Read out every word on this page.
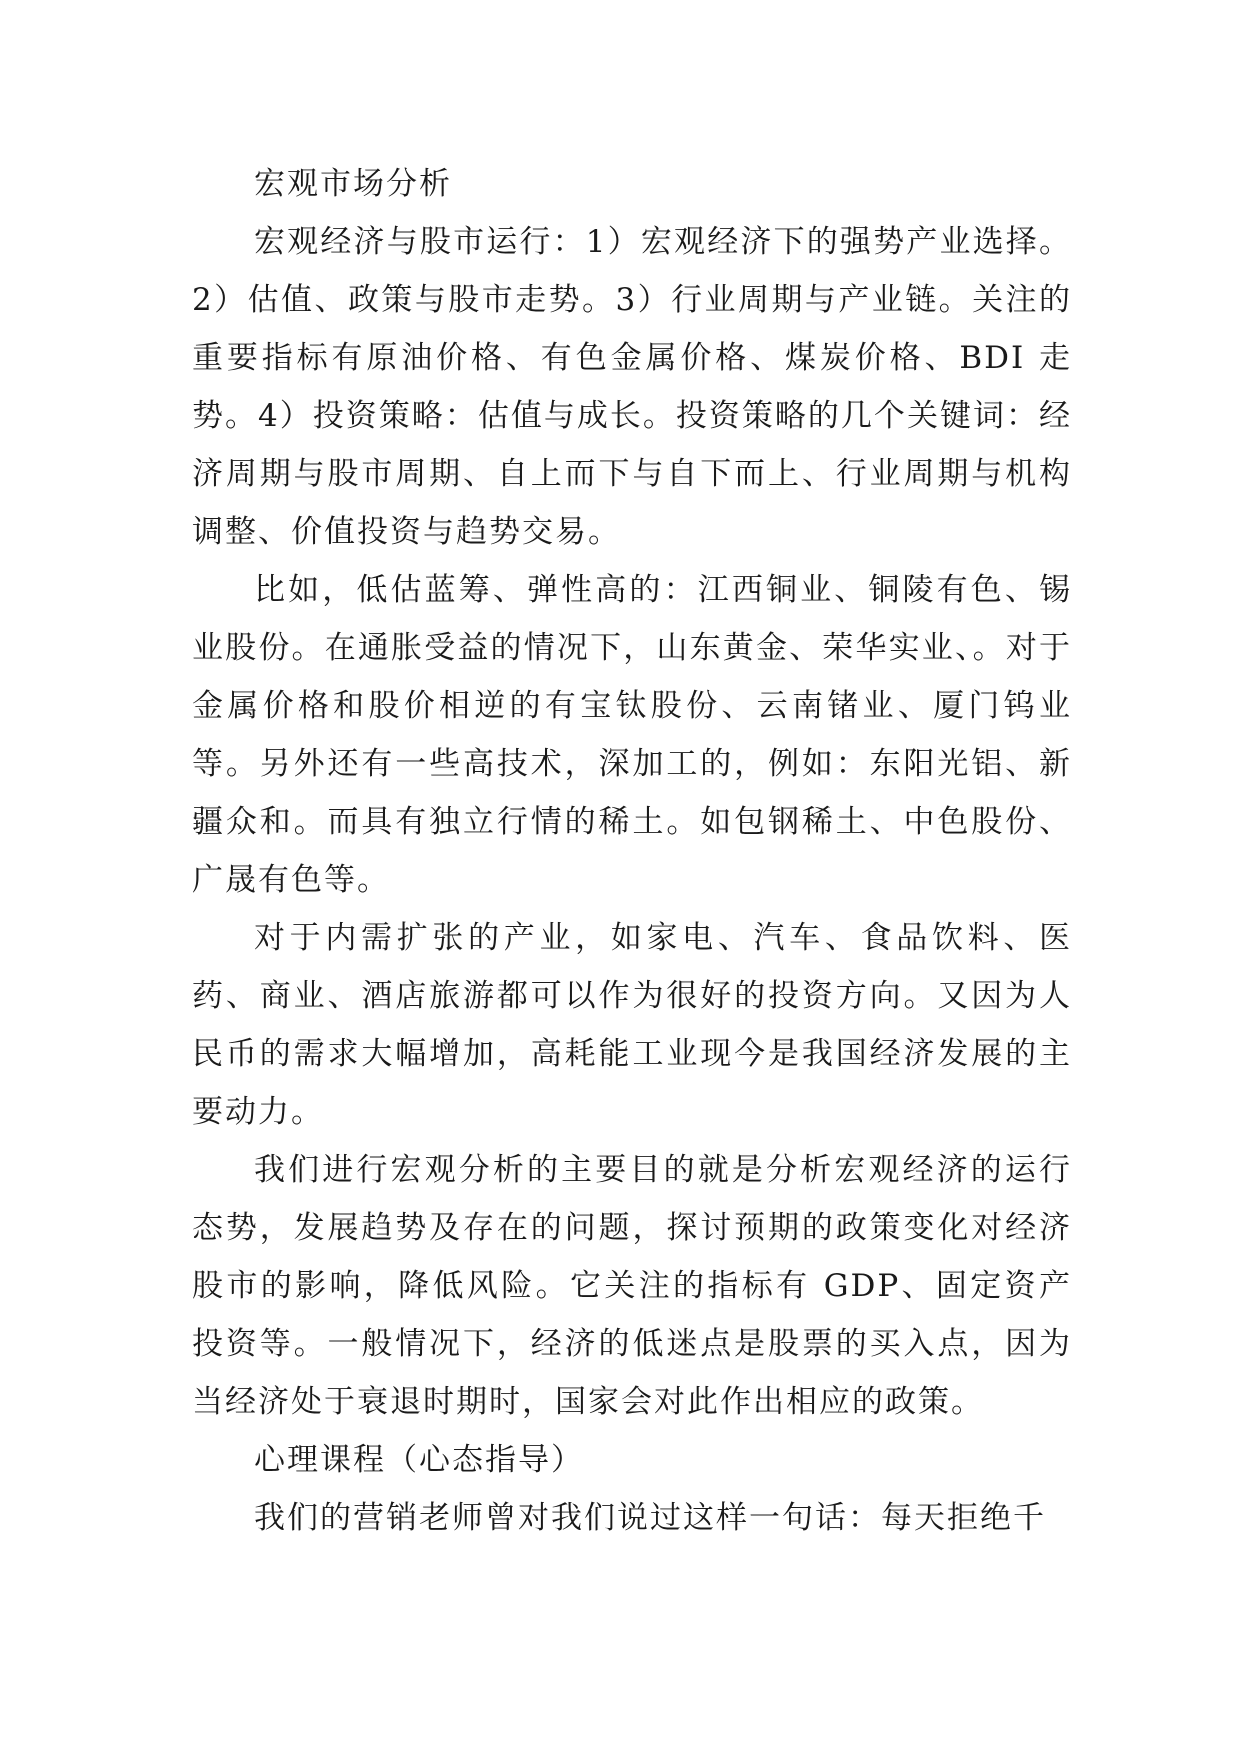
宏观市场分析

宏观经济与股市运行：1）宏观经济下的强势产业选择。2）估值、政策与股市走势。3）行业周期与产业链。关注的重要指标有原油价格、有色金属价格、煤炭价格、BDI 走势。4）投资策略：估值与成长。投资策略的几个关键词：经济周期与股市周期、自上而下与自下而上、行业周期与机构调整、价值投资与趋势交易。

比如，低估蓝筹、弹性高的：江西铜业、铜陵有色、锡业股份。在通胀受益的情况下，山东黄金、荣华实业、。对于金属价格和股价相逆的有宝钛股份、云南锗业、厦门钨业等。另外还有一些高技术，深加工的，例如：东阳光铝、新疆众和。而具有独立行情的稀土。如包钢稀土、中色股份、广晟有色等。

对于内需扩张的产业，如家电、汽车、食品饮料、医药、商业、酒店旅游都可以作为很好的投资方向。又因为人民币的需求大幅增加，高耗能工业现今是我国经济发展的主要动力。

我们进行宏观分析的主要目的就是分析宏观经济的运行态势，发展趋势及存在的问题，探讨预期的政策变化对经济股市的影响，降低风险。它关注的指标有 GDP、固定资产投资等。一般情况下，经济的低迷点是股票的买入点，因为当经济处于衰退时期时，国家会对此作出相应的政策。

心理课程（心态指导）

我们的营销老师曾对我们说过这样一句话：每天拒绝千
